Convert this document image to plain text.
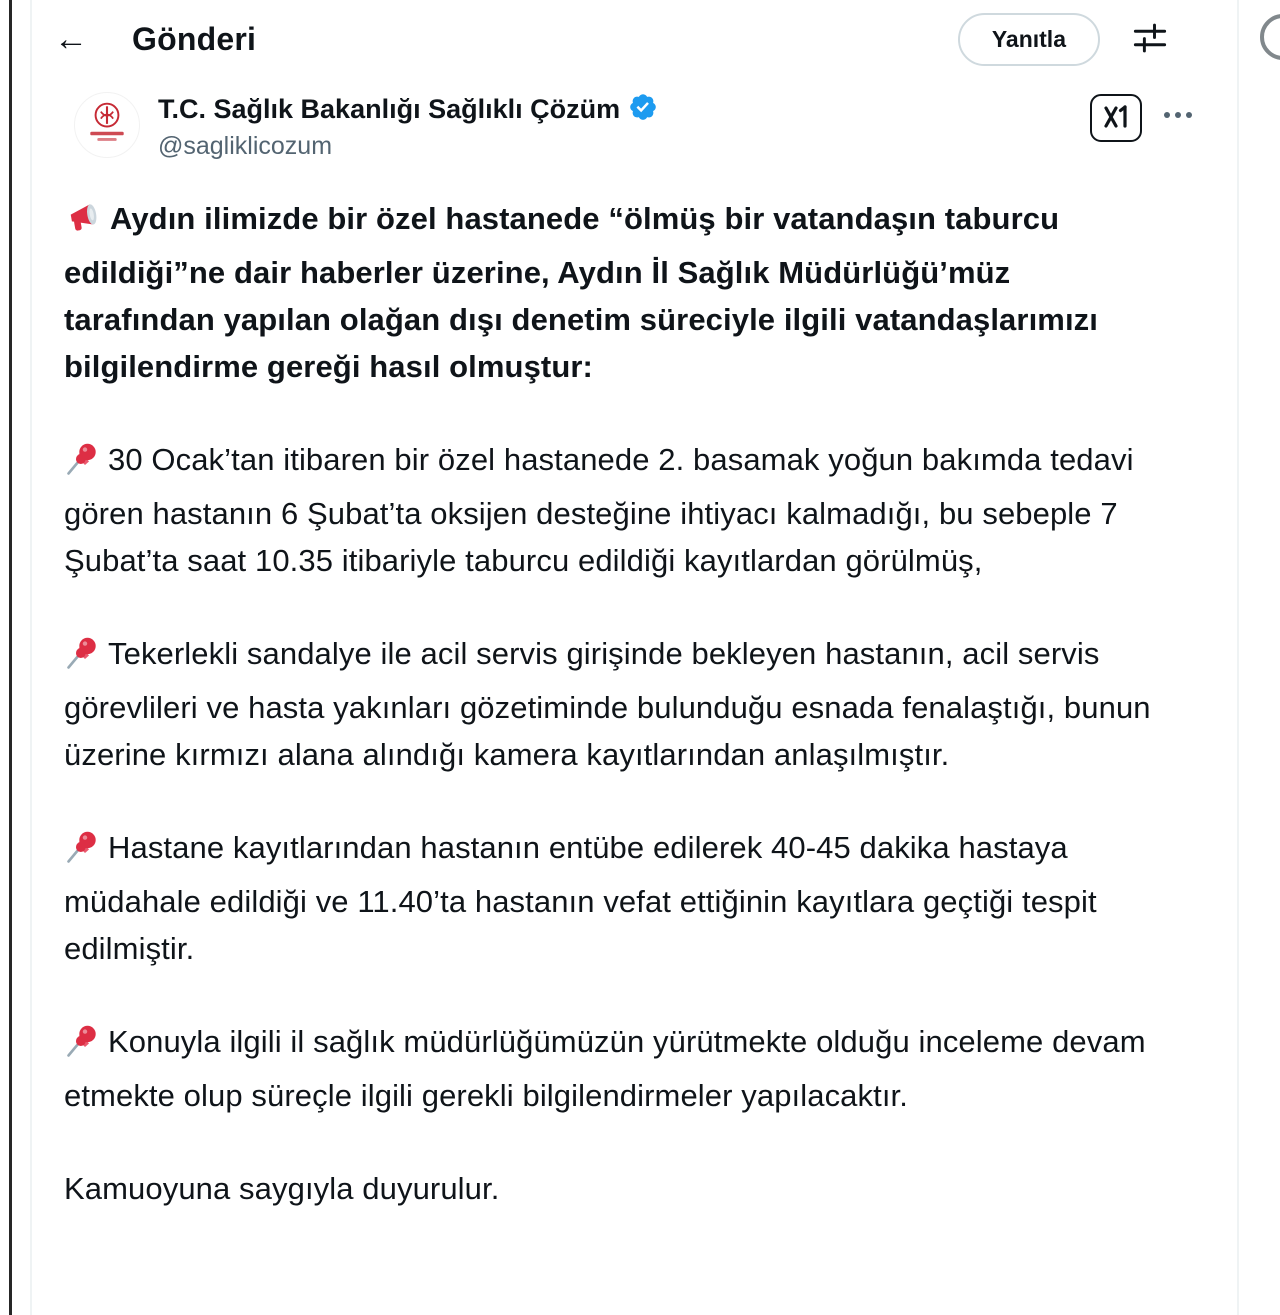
←	Gönderi	Yanıtla
T.C. Sağlık Bakanlığı Sağlıklı Çözüm
@sagliklicozum

Aydın ilimizde bir özel hastanede “ölmüş bir vatandaşın taburcu edildiği”ne dair haberler üzerine, Aydın İl Sağlık Müdürlüğü’müz tarafından yapılan olağan dışı denetim süreciyle ilgili vatandaşlarımızı bilgilendirme gereği hasıl olmuştur:

30 Ocak’tan itibaren bir özel hastanede 2. basamak yoğun bakımda tedavi gören hastanın 6 Şubat’ta oksijen desteğine ihtiyacı kalmadığı, bu sebeple 7 Şubat’ta saat 10.35 itibariyle taburcu edildiği kayıtlardan görülmüş,

Tekerlekli sandalye ile acil servis girişinde bekleyen hastanın, acil servis görevlileri ve hasta yakınları gözetiminde bulunduğu esnada fenalaştığı, bunun üzerine kırmızı alana alındığı kamera kayıtlarından anlaşılmıştır.

Hastane kayıtlarından hastanın entübe edilerek 40-45 dakika hastaya müdahale edildiği ve 11.40’ta hastanın vefat ettiğinin kayıtlara geçtiği tespit edilmiştir.

Konuyla ilgili il sağlık müdürlüğümüzün yürütmekte olduğu inceleme devam etmekte olup süreçle ilgili gerekli bilgilendirmeler yapılacaktır.

Kamuoyuna saygıyla duyurulur.
